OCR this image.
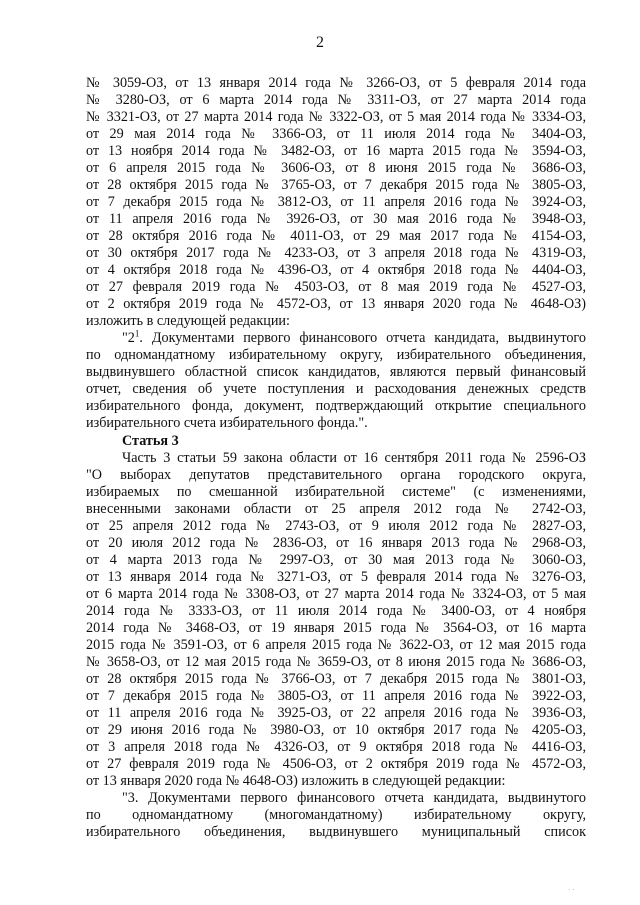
2
№ 3059-ОЗ, от 13 января 2014 года № 3266-ОЗ, от 5 февраля 2014 года
№ 3280-ОЗ, от 6 марта 2014 года № 3311-ОЗ, от 27 марта 2014 года
№ 3321-ОЗ, от 27 марта 2014 года № 3322-ОЗ, от 5 мая 2014 года № 3334-ОЗ,
от 29 мая 2014 года № 3366-ОЗ, от 11 июля 2014 года № 3404-ОЗ,
от 13 ноября 2014 года № 3482-ОЗ, от 16 марта 2015 года № 3594-ОЗ,
от 6 апреля 2015 года № 3606-ОЗ, от 8 июня 2015 года № 3686-ОЗ,
от 28 октября 2015 года № 3765-ОЗ, от 7 декабря 2015 года № 3805-ОЗ,
от 7 декабря 2015 года № 3812-ОЗ, от 11 апреля 2016 года № 3924-ОЗ,
от 11 апреля 2016 года № 3926-ОЗ, от 30 мая 2016 года № 3948-ОЗ,
от 28 октября 2016 года № 4011-ОЗ, от 29 мая 2017 года № 4154-ОЗ,
от 30 октября 2017 года № 4233-ОЗ, от 3 апреля 2018 года № 4319-ОЗ,
от 4 октября 2018 года № 4396-ОЗ, от 4 октября 2018 года № 4404-ОЗ,
от 27 февраля 2019 года № 4503-ОЗ, от 8 мая 2019 года № 4527-ОЗ,
от 2 октября 2019 года № 4572-ОЗ, от 13 января 2020 года № 4648-ОЗ)
изложить в следующей редакции:
"$2^1$. Документами первого финансового отчета кандидата, выдвинутого
по одномандатному избирательному округу, избирательного объединения,
выдвинувшего областной список кандидатов, являются первый финансовый
отчет, сведения об учете поступления и расходования денежных средств
избирательного фонда, документ, подтверждающий открытие специального
избирательного счета избирательного фонда.".
Статья 3
Часть 3 статьи 59 закона области от 16 сентября 2011 года № 2596-ОЗ
"О выборах депутатов представительного органа городского округа,
избираемых по смешанной избирательной системе" (с изменениями,
внесенными законами области от 25 апреля 2012 года № 2742-ОЗ,
от 25 апреля 2012 года № 2743-ОЗ, от 9 июля 2012 года № 2827-ОЗ,
от 20 июля 2012 года № 2836-ОЗ, от 16 января 2013 года № 2968-ОЗ,
от 4 марта 2013 года № 2997-ОЗ, от 30 мая 2013 года № 3060-ОЗ,
от 13 января 2014 года № 3271-ОЗ, от 5 февраля 2014 года № 3276-ОЗ,
от 6 марта 2014 года № 3308-ОЗ, от 27 марта 2014 года № 3324-ОЗ, от 5 мая
2014 года № 3333-ОЗ, от 11 июля 2014 года № 3400-ОЗ, от 4 ноября
2014 года № 3468-ОЗ, от 19 января 2015 года № 3564-ОЗ, от 16 марта
2015 года № 3591-ОЗ, от 6 апреля 2015 года № 3622-ОЗ, от 12 мая 2015 года
№ 3658-ОЗ, от 12 мая 2015 года № 3659-ОЗ, от 8 июня 2015 года № 3686-ОЗ,
от 28 октября 2015 года № 3766-ОЗ, от 7 декабря 2015 года № 3801-ОЗ,
от 7 декабря 2015 года № 3805-ОЗ, от 11 апреля 2016 года № 3922-ОЗ,
от 11 апреля 2016 года № 3925-ОЗ, от 22 апреля 2016 года № 3936-ОЗ,
от 29 июня 2016 года № 3980-ОЗ, от 10 октября 2017 года № 4205-ОЗ,
от 3 апреля 2018 года № 4326-ОЗ, от 9 октября 2018 года № 4416-ОЗ,
от 27 февраля 2019 года № 4506-ОЗ, от 2 октября 2019 года № 4572-ОЗ,
от 13 января 2020 года № 4648-ОЗ) изложить в следующей редакции:
"3. Документами первого финансового отчета кандидата, выдвинутого
по одномандатному (многомандатному) избирательному округу,
избирательного объединения, выдвинувшего муниципальный список
· ·
